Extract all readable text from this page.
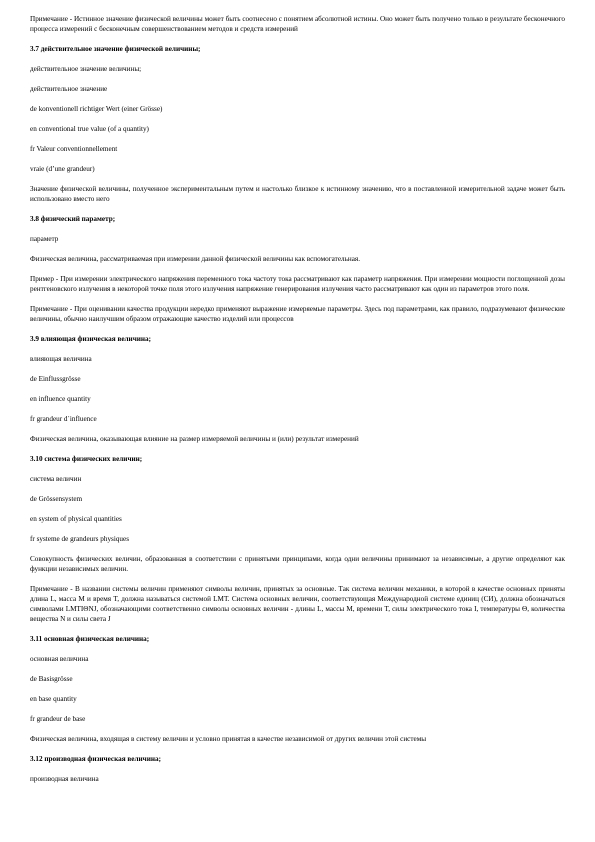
Примечание - Истинное значение физической величины может быть соотнесено с понятием абсолютной истины. Оно может быть получено только в результате бесконечного процесса измерений с бесконечным совершенствованием методов и средств измерений

3.7 действительное значение физической величины;

действительное значение величины;

действительное значение

de konventionell richtiger Wert (einer Grösse)

en conventional true value (of a quantity)

fr Valeur conventionnellement

vraie (d’une grandeur)

Значение физической величины, полученное экспериментальным путем и настолько близкое к истинному значению, что в поставленной измерительной задаче может быть использовано вместо него

3.8 физический параметр;

параметр

Физическая величина, рассматриваемая при измерении данной физической величины как вспомогательная.

Пример - При измерении электрического напряжения переменного тока частоту тока рассматривают как параметр напряжения. При измерении мощности поглощенной дозы рентгеновского излучения в некоторой точке поля этого излучения напряжение генерирования излучения часто рассматривают как один из параметров этого поля.

Примечание - При оценивании качества продукции нередко применяют выражение измеряемые параметры. Здесь под параметрами, как правило, подразумевают физические величины, обычно наилучшим образом отражающие качество изделий или процессов

3.9 влияющая физическая величина;

влияющая величина

de Einflussgrösse

en influence quantity

fr grandeur d᾿influence

Физическая величина, оказывающая влияние на размер измеряемой величины и (или) результат измерений

3.10 система физических величин;

система величин

de Grössensystem

en system of physical quantities

fr systeme de grandeurs physiques

Совокупность физических величин, образованная в соответствии с принятыми принципами, когда одни величины принимают за независимые, а другие определяют как функции независимых величин.

Примечание - В названии системы величин применяют символы величин, принятых за основные. Так система величин механики, в которой в качестве основных приняты длина L, масса M и время T, должна называться системой LMT. Система основных величин, соответствующая Международной системе единиц (СИ), должна обозначаться символами LMTIΘNJ, обозначающими соответственно символы основных величин - длины L, массы M, времени T, силы электрического тока I, температуры Θ, количества вещества N и силы света J

3.11 основная физическая величина;

основная величина

de Basisgrösse

en base quantity

fr grandeur de base

Физическая величина, входящая в систему величин и условно принятая в качестве независимой от других величин этой системы

3.12 производная физическая величина;

производная величина
